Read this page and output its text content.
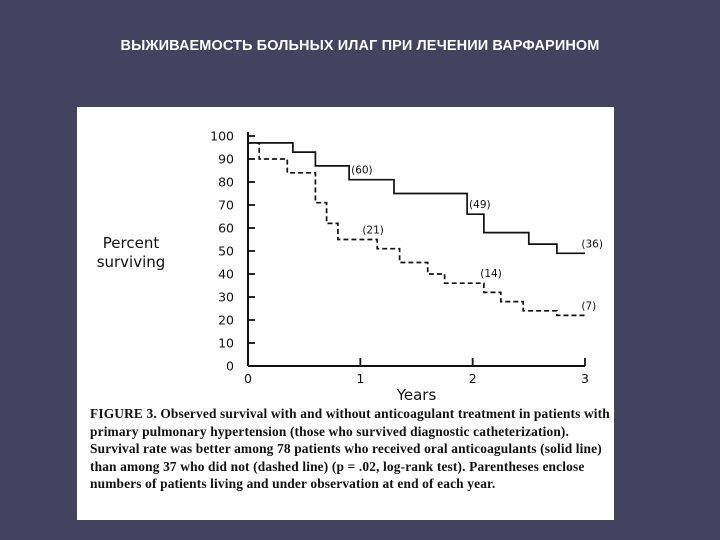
ВЫЖИВАЕМОСТЬ БОЛЬНЫХ ИЛАГ ПРИ ЛЕЧЕНИИ ВАРФАРИНОМ
0
10
20
30
40
50
60
70
80
90
100
0	1	2	3
Years
Percent
surviving
(60)
(49)
(36)
(21)
(14)
(7)
FIGURE 3. Observed survival with and without anticoagulant treatment in patients with primary pulmonary hypertension (those who survived diagnostic catheterization). Survival rate was better among 78 patients who received oral anticoagulants (solid line) than among 37 who did not (dashed line) (p = .02, log-rank test). Parentheses enclose numbers of patients living and under observation at end of each year.
